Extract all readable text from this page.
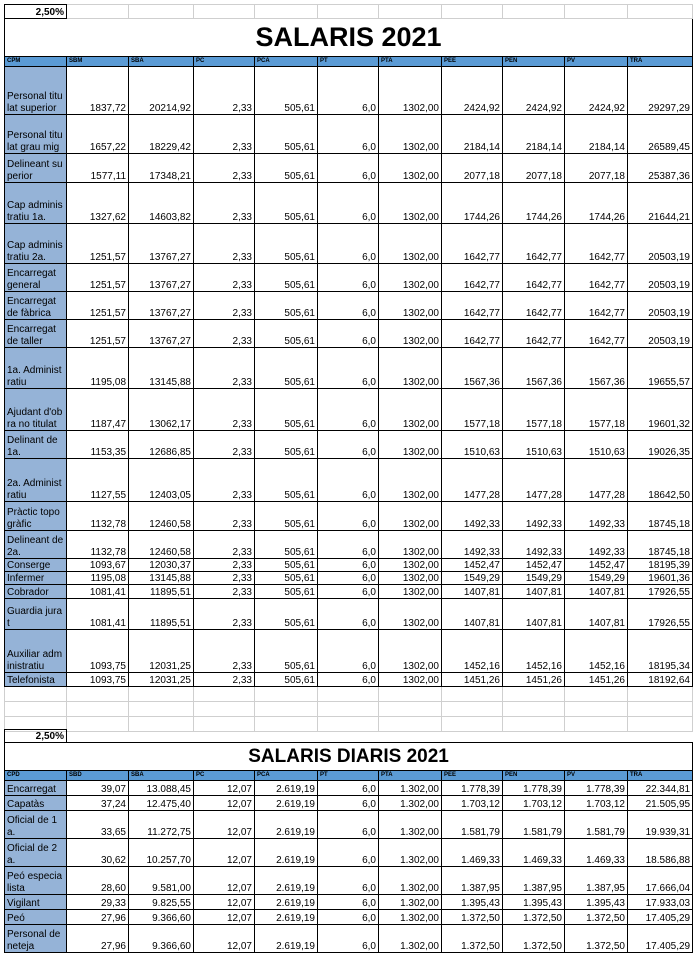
2,50%										
SALARIS 2021										
CPM	SBM	SBA	PC	PCA	PT	PTA	PEE	PEN	PV	TRA
Personal titulat superior	1837,72	20214,92	2,33	505,61	6,0	1302,00	2424,92	2424,92	2424,92	29297,29
Personal titulat grau mig	1657,22	18229,42	2,33	505,61	6,0	1302,00	2184,14	2184,14	2184,14	26589,45
Delineant superior	1577,11	17348,21	2,33	505,61	6,0	1302,00	2077,18	2077,18	2077,18	25387,36
Cap administratiu 1a.	1327,62	14603,82	2,33	505,61	6,0	1302,00	1744,26	1744,26	1744,26	21644,21
Cap administratiu 2a.	1251,57	13767,27	2,33	505,61	6,0	1302,00	1642,77	1642,77	1642,77	20503,19
Encarregat general	1251,57	13767,27	2,33	505,61	6,0	1302,00	1642,77	1642,77	1642,77	20503,19
Encarregat de fàbrica	1251,57	13767,27	2,33	505,61	6,0	1302,00	1642,77	1642,77	1642,77	20503,19
Encarregat de taller	1251,57	13767,27	2,33	505,61	6,0	1302,00	1642,77	1642,77	1642,77	20503,19
1a. Administratiu	1195,08	13145,88	2,33	505,61	6,0	1302,00	1567,36	1567,36	1567,36	19655,57
Ajudant d'obra no titulat	1187,47	13062,17	2,33	505,61	6,0	1302,00	1577,18	1577,18	1577,18	19601,32
Delinant de 1a.	1153,35	12686,85	2,33	505,61	6,0	1302,00	1510,63	1510,63	1510,63	19026,35
2a. Administratiu	1127,55	12403,05	2,33	505,61	6,0	1302,00	1477,28	1477,28	1477,28	18642,50
Pràctic topogràfic	1132,78	12460,58	2,33	505,61	6,0	1302,00	1492,33	1492,33	1492,33	18745,18
Delineant de 2a.	1132,78	12460,58	2,33	505,61	6,0	1302,00	1492,33	1492,33	1492,33	18745,18
Conserge	1093,67	12030,37	2,33	505,61	6,0	1302,00	1452,47	1452,47	1452,47	18195,39
Infermer	1195,08	13145,88	2,33	505,61	6,0	1302,00	1549,29	1549,29	1549,29	19601,36
Cobrador	1081,41	11895,51	2,33	505,61	6,0	1302,00	1407,81	1407,81	1407,81	17926,55
Guardia jurat	1081,41	11895,51	2,33	505,61	6,0	1302,00	1407,81	1407,81	1407,81	17926,55
Auxiliar administratiu	1093,75	12031,25	2,33	505,61	6,0	1302,00	1452,16	1452,16	1452,16	18195,34
Telefonista	1093,75	12031,25	2,33	505,61	6,0	1302,00	1451,26	1451,26	1451,26	18192,64

2,50%										
SALARIS DIARIS 2021										
CPD	SBD	SBA	PC	PCA	PT	PTA	PEE	PEN	PV	TRA
Encarregat	39,07	13.088,45	12,07	2.619,19	6,0	1.302,00	1.778,39	1.778,39	1.778,39	22.344,81
Capatàs	37,24	12.475,40	12,07	2.619,19	6,0	1.302,00	1.703,12	1.703,12	1.703,12	21.505,95
Oficial de 1a.	33,65	11.272,75	12,07	2.619,19	6,0	1.302,00	1.581,79	1.581,79	1.581,79	19.939,31
Oficial de 2a.	30,62	10.257,70	12,07	2.619,19	6,0	1.302,00	1.469,33	1.469,33	1.469,33	18.586,88
Peó especialista	28,60	9.581,00	12,07	2.619,19	6,0	1.302,00	1.387,95	1.387,95	1.387,95	17.666,04
Vigilant	29,33	9.825,55	12,07	2.619,19	6,0	1.302,00	1.395,43	1.395,43	1.395,43	17.933,03
Peó	27,96	9.366,60	12,07	2.619,19	6,0	1.302,00	1.372,50	1.372,50	1.372,50	17.405,29
Personal de neteja	27,96	9.366,60	12,07	2.619,19	6,0	1.302,00	1.372,50	1.372,50	1.372,50	17.405,29
